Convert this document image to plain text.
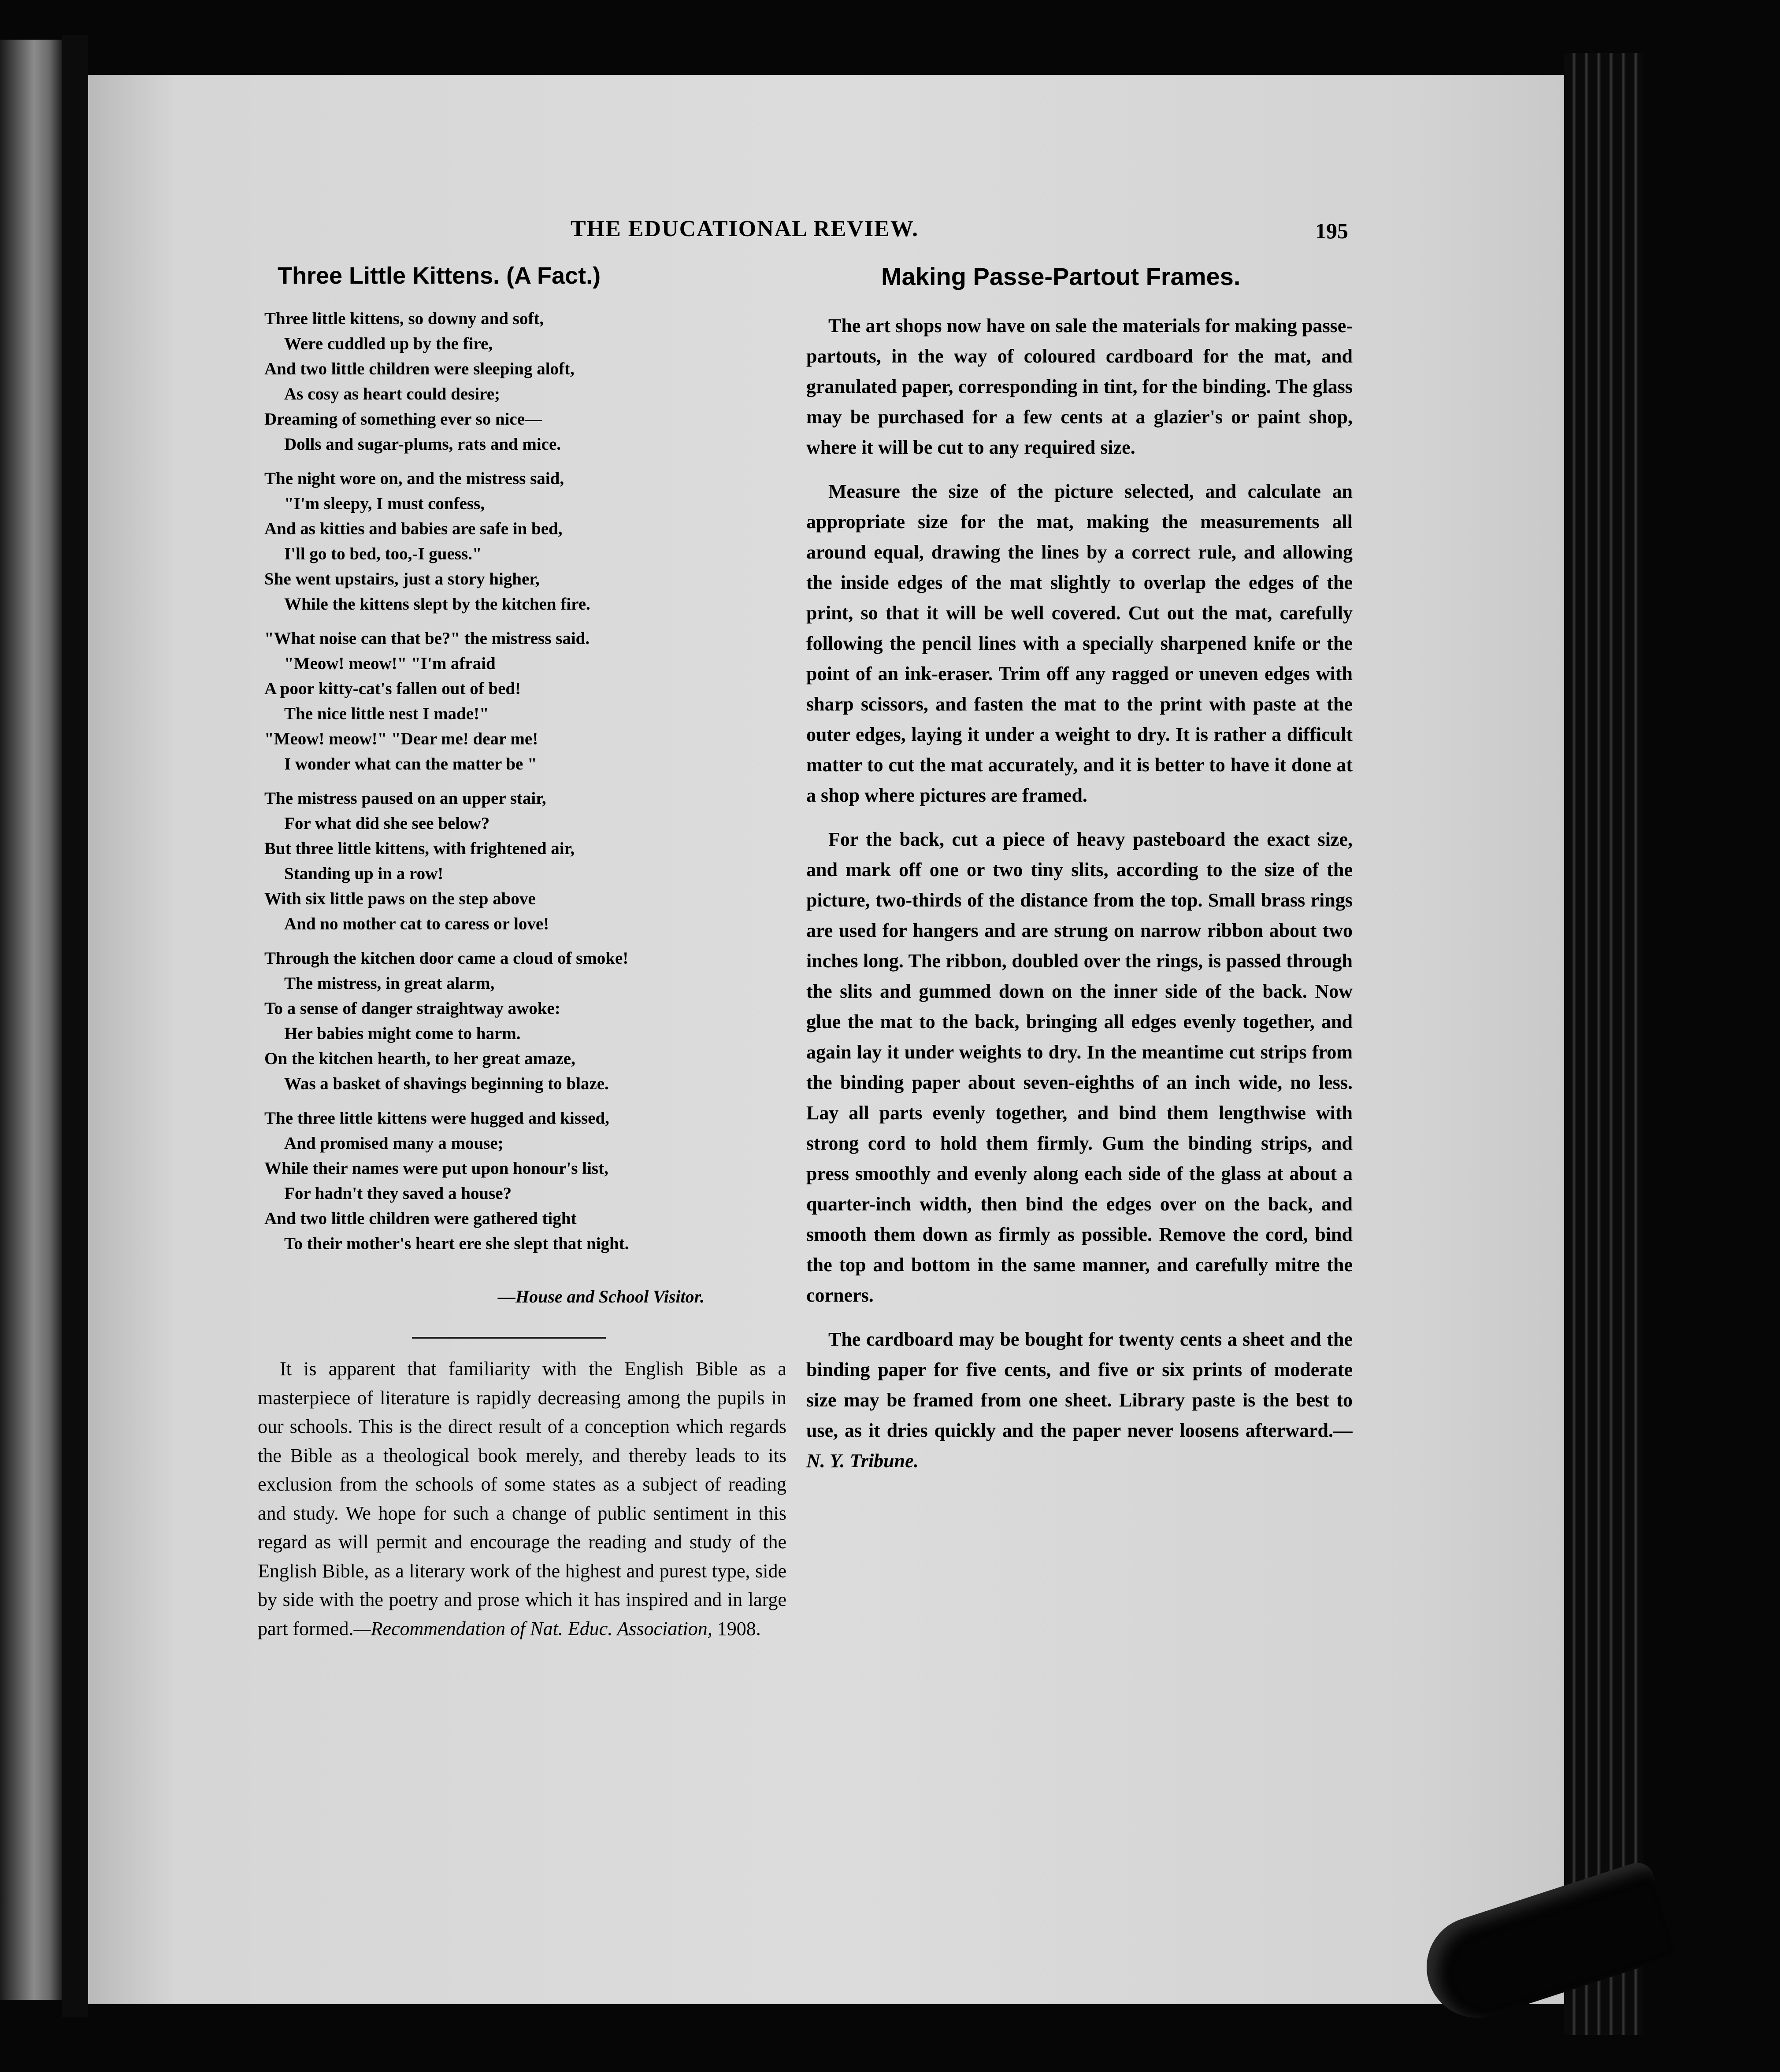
THE EDUCATIONAL REVIEW.	195
Three Little Kittens. (A Fact.)
Three little kittens, so downy and soft,
Were cuddled up by the fire,
And two little children were sleeping aloft,
As cosy as heart could desire;
Dreaming of something ever so nice—
Dolls and sugar-plums, rats and mice.
The night wore on, and the mistress said,
"I'm sleepy, I must confess,
And as kitties and babies are safe in bed,
I'll go to bed, too,-I guess."
She went upstairs, just a story higher,
While the kittens slept by the kitchen fire.
"What noise can that be?" the mistress said.
"Meow! meow!" "I'm afraid
A poor kitty-cat's fallen out of bed!
The nice little nest I made!"
"Meow! meow!" "Dear me! dear me!
I wonder what can the matter be "
The mistress paused on an upper stair,
For what did she see below?
But three little kittens, with frightened air,
Standing up in a row!
With six little paws on the step above
And no mother cat to caress or love!
Through the kitchen door came a cloud of smoke!
The mistress, in great alarm,
To a sense of danger straightway awoke:
Her babies might come to harm.
On the kitchen hearth, to her great amaze,
Was a basket of shavings beginning to blaze.
The three little kittens were hugged and kissed,
And promised many a mouse;
While their names were put upon honour's list,
For hadn't they saved a house?
And two little children were gathered tight
To their mother's heart ere she slept that night.
—House and School Visitor.

It is apparent that familiarity with the English Bible as a masterpiece of literature is rapidly decreasing among the pupils in our schools. This is the direct result of a conception which regards the Bible as a theological book merely, and thereby leads to its exclusion from the schools of some states as a subject of reading and study. We hope for such a change of public sentiment in this regard as will permit and encourage the reading and study of the English Bible, as a literary work of the highest and purest type, side by side with the poetry and prose which it has inspired and in large part formed.—Recommendation of Nat. Educ. Association, 1908.

Making Passe-Partout Frames.

The art shops now have on sale the materials for making passe-partouts, in the way of coloured cardboard for the mat, and granulated paper, corresponding in tint, for the binding. The glass may be purchased for a few cents at a glazier's or paint shop, where it will be cut to any required size.

Measure the size of the picture selected, and calculate an appropriate size for the mat, making the measurements all around equal, drawing the lines by a correct rule, and allowing the inside edges of the mat slightly to overlap the edges of the print, so that it will be well covered. Cut out the mat, carefully following the pencil lines with a specially sharpened knife or the point of an ink-eraser. Trim off any ragged or uneven edges with sharp scissors, and fasten the mat to the print with paste at the outer edges, laying it under a weight to dry. It is rather a difficult matter to cut the mat accurately, and it is better to have it done at a shop where pictures are framed.

For the back, cut a piece of heavy pasteboard the exact size, and mark off one or two tiny slits, according to the size of the picture, two-thirds of the distance from the top. Small brass rings are used for hangers and are strung on narrow ribbon about two inches long. The ribbon, doubled over the rings, is passed through the slits and gummed down on the inner side of the back. Now glue the mat to the back, bringing all edges evenly together, and again lay it under weights to dry. In the meantime cut strips from the binding paper about seven-eighths of an inch wide, no less. Lay all parts evenly together, and bind them lengthwise with strong cord to hold them firmly. Gum the binding strips, and press smoothly and evenly along each side of the glass at about a quarter-inch width, then bind the edges over on the back, and smooth them down as firmly as possible. Remove the cord, bind the top and bottom in the same manner, and carefully mitre the corners.

The cardboard may be bought for twenty cents a sheet and the binding paper for five cents, and five or six prints of moderate size may be framed from one sheet. Library paste is the best to use, as it dries quickly and the paper never loosens afterward.—N. Y. Tribune.
